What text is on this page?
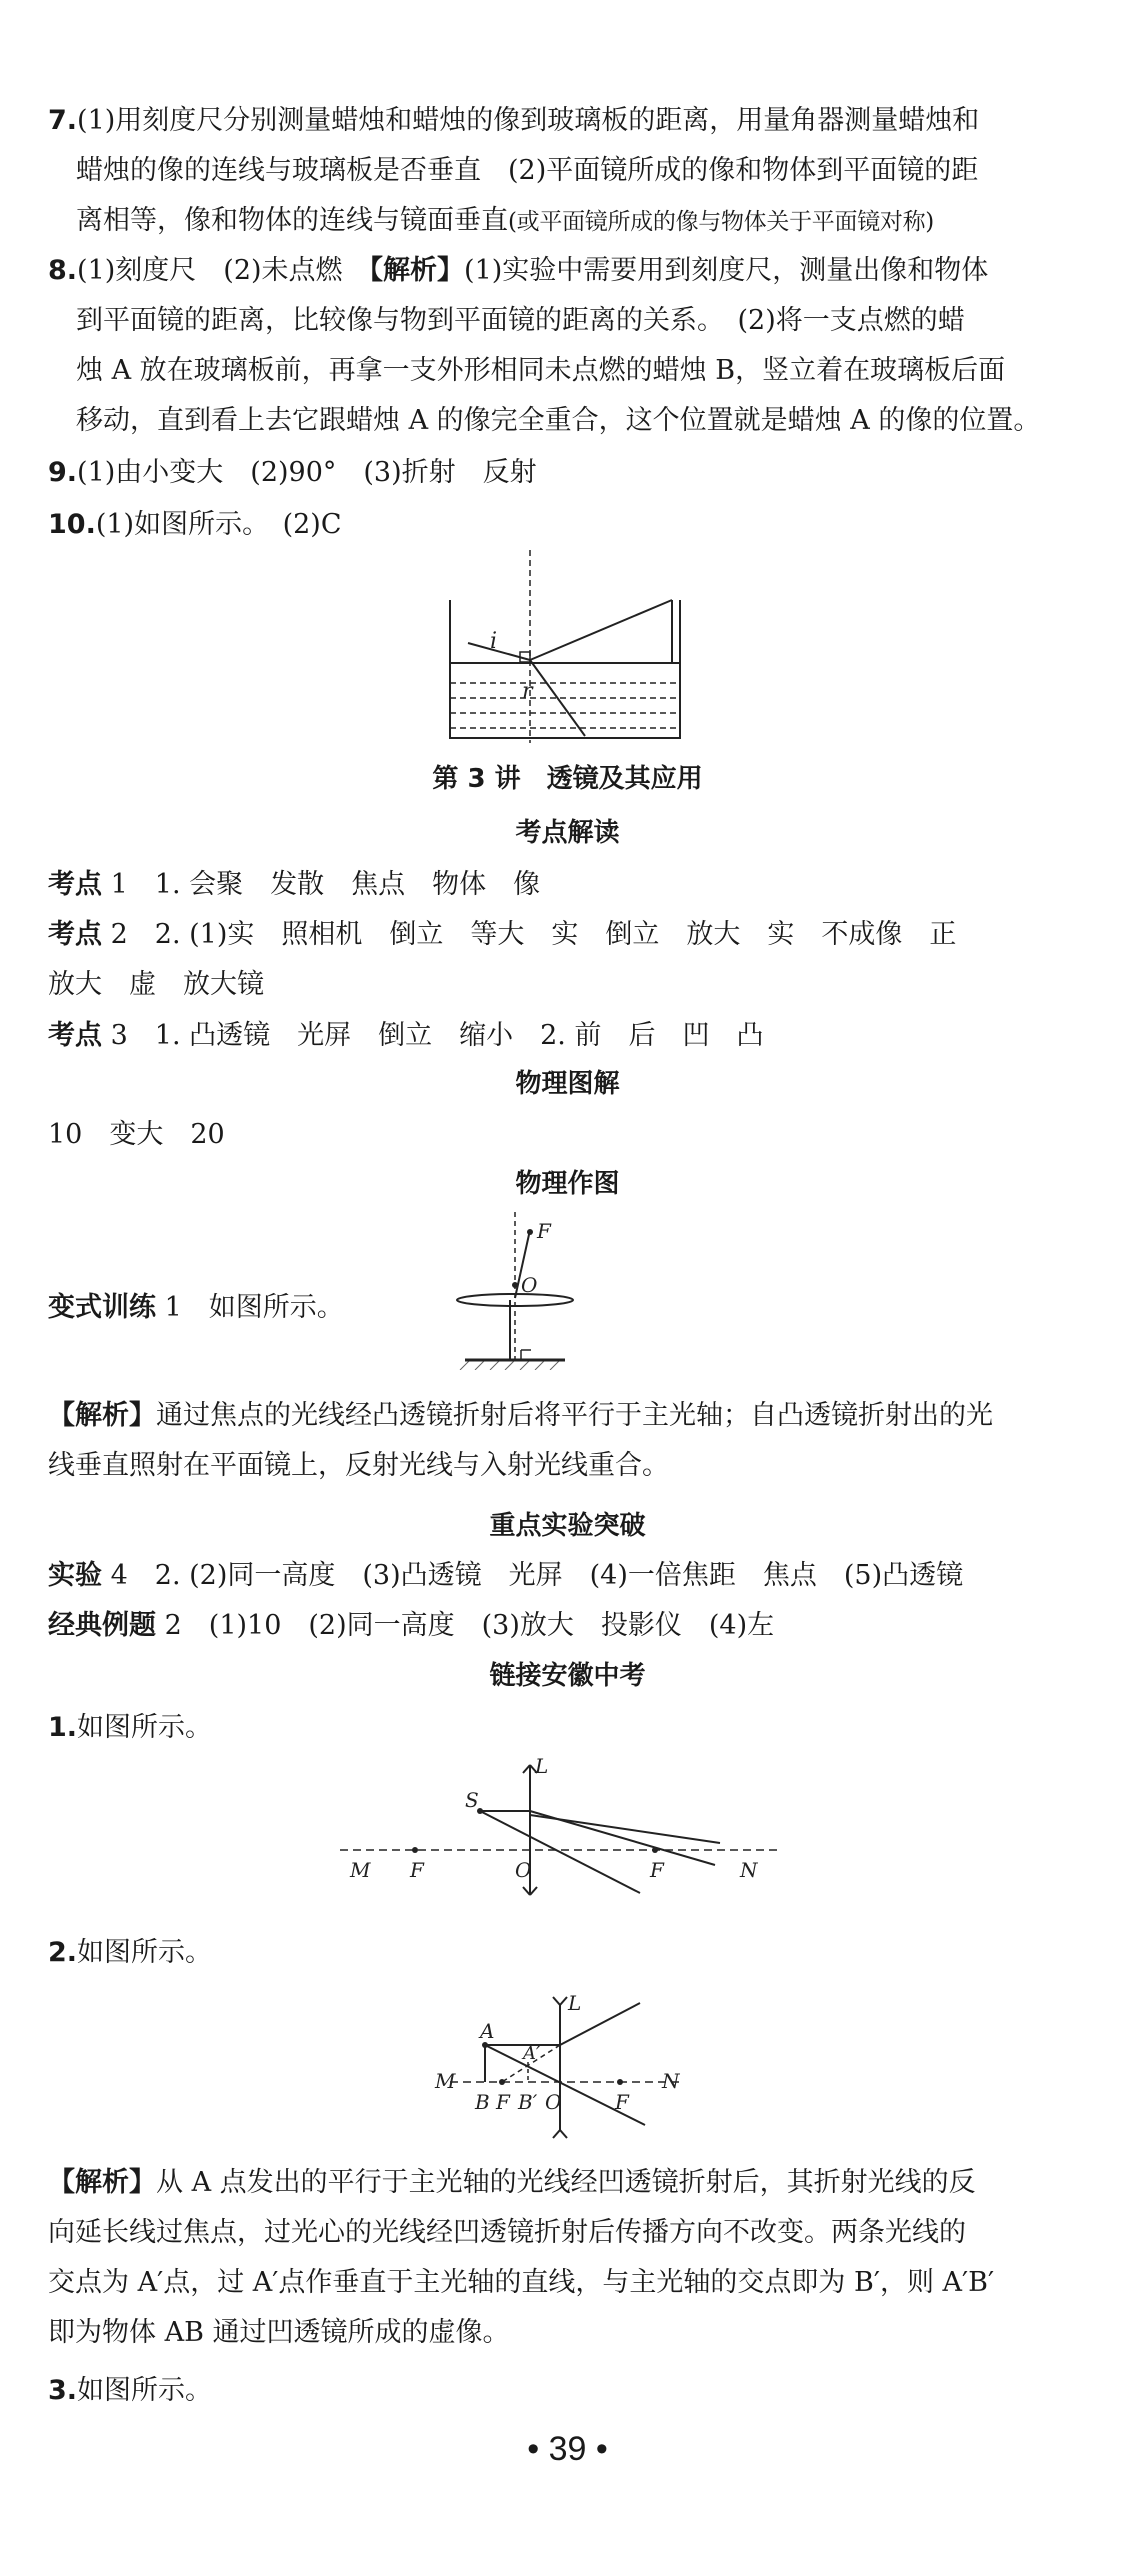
7.(1)用刻度尺分别测量蜡烛和蜡烛的像到玻璃板的距离，用量角器测量蜡烛和
蜡烛的像的连线与玻璃板是否垂直　(2)平面镜所成的像和物体到平面镜的距
离相等，像和物体的连线与镜面垂直(或平面镜所成的像与物体关于平面镜对称)
8.(1)刻度尺　(2)未点燃　【解析】(1)实验中需要用到刻度尺，测量出像和物体
到平面镜的距离，比较像与物到平面镜的距离的关系。　(2)将一支点燃的蜡
烛 A 放在玻璃板前，再拿一支外形相同未点燃的蜡烛 B，竖立着在玻璃板后面
移动，直到看上去它跟蜡烛 A 的像完全重合，这个位置就是蜡烛 A 的像的位置。
9.(1)由小变大　(2)90°　(3)折射　反射
10.(1)如图所示。　(2)C
i
r
第 3 讲　透镜及其应用
考点解读
考点 1　 1. 会聚　发散　焦点　物体　像
考点 2　 2. (1)实　照相机　倒立　等大　实　倒立　放大　实　不成像　正
放大　虚　放大镜
考点 3　 1. 凸透镜　光屏　倒立　缩小　2. 前　后　凹　凸
物理图解
10　变大　20
物理作图
变式训练 1　 如图所示。
F
O
【解析】通过焦点的光线经凸透镜折射后将平行于主光轴；自凸透镜折射出的光
线垂直照射在平面镜上，反射光线与入射光线重合。
重点实验突破
实验 4　 2. (2)同一高度　(3)凸透镜　光屏　(4)一倍焦距　焦点　(5)凸透镜
经典例题 2　 (1)10　(2)同一高度　(3)放大　投影仪　(4)左
链接安徽中考
1.如图所示。
L
S
M F	O	F	N
2.如图所示。
L
A
A′
M
B F B′ O	F
N
【解析】从 A 点发出的平行于主光轴的光线经凹透镜折射后，其折射光线的反
向延长线过焦点，过光心的光线经凹透镜折射后传播方向不改变。两条光线的
交点为 A′点，过 A′点作垂直于主光轴的直线，与主光轴的交点即为 B′，则 A′B′
即为物体 AB 通过凹透镜所成的虚像。
3.如图所示。
• 39 •
